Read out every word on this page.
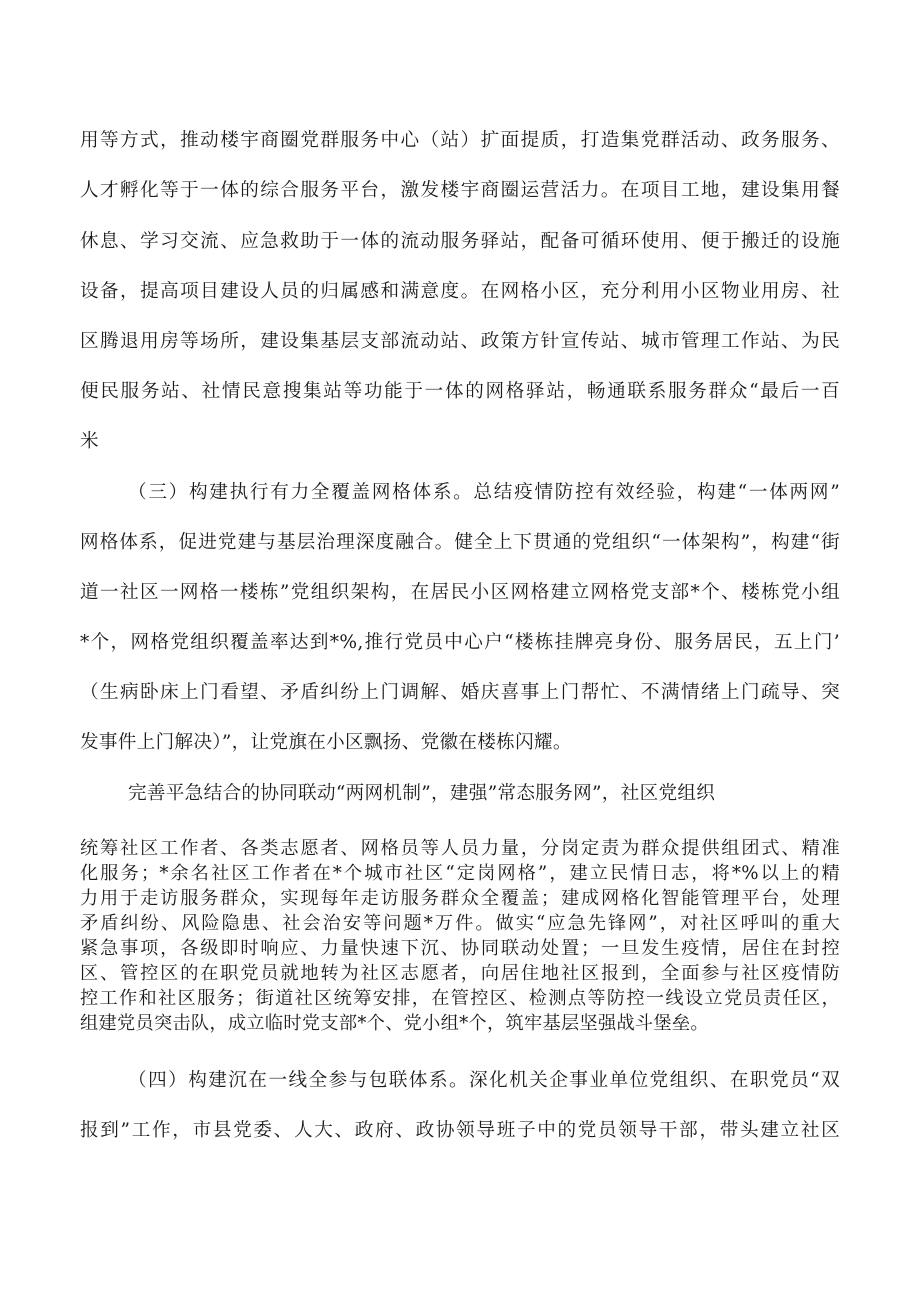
用等方式，推动楼宇商圈党群服务中心（站）扩面提质，打造集党群活动、政务服务、
人才孵化等于一体的综合服务平台，激发楼宇商圈运营活力。在项目工地，建设集用餐
休息、学习交流、应急救助于一体的流动服务驿站，配备可循环使用、便于搬迁的设施
设备，提高项目建设人员的归属感和满意度。在网格小区，充分利用小区物业用房、社
区腾退用房等场所，建设集基层支部流动站、政策方针宣传站、城市管理工作站、为民
便民服务站、社情民意搜集站等功能于一体的网格驿站，畅通联系服务群众“最后一百
米
（三）构建执行有力全覆盖网格体系。总结疫情防控有效经验，构建“一体两网”
网格体系，促进党建与基层治理深度融合。健全上下贯通的党组织“一体架构”，构建“街
道一社区一网格一楼栋”党组织架构，在居民小区网格建立网格党支部*个、楼栋党小组
*个，网格党组织覆盖率达到*%,推行党员中心户“楼栋挂牌亮身份、服务居民，五上门’
（生病卧床上门看望、矛盾纠纷上门调解、婚庆喜事上门帮忙、不满情绪上门疏导、突
发事件上门解决）”，让党旗在小区飘扬、党徽在楼栋闪耀。
完善平急结合的协同联动“两网机制”，建强”常态服务网”，社区党组织
统筹社区工作者、各类志愿者、网格员等人员力量，分岗定责为群众提供组团式、精准
化服务；*余名社区工作者在*个城市社区“定岗网格”，建立民情日志，将*%以上的精
力用于走访服务群众，实现每年走访服务群众全覆盖；建成网格化智能管理平台，处理
矛盾纠纷、风险隐患、社会治安等问题*万件。做实“应急先锋网”，对社区呼叫的重大
紧急事项，各级即时响应、力量快速下沉、协同联动处置；一旦发生疫情，居住在封控
区、管控区的在职党员就地转为社区志愿者，向居住地社区报到，全面参与社区疫情防
控工作和社区服务；街道社区统筹安排，在管控区、检测点等防控一线设立党员责任区，
组建党员突击队，成立临时党支部*个、党小组*个，筑牢基层坚强战斗堡垒。
（四）构建沉在一线全参与包联体系。深化机关企事业单位党组织、在职党员“双
报到”工作，市县党委、人大、政府、政协领导班子中的党员领导干部，带头建立社区
